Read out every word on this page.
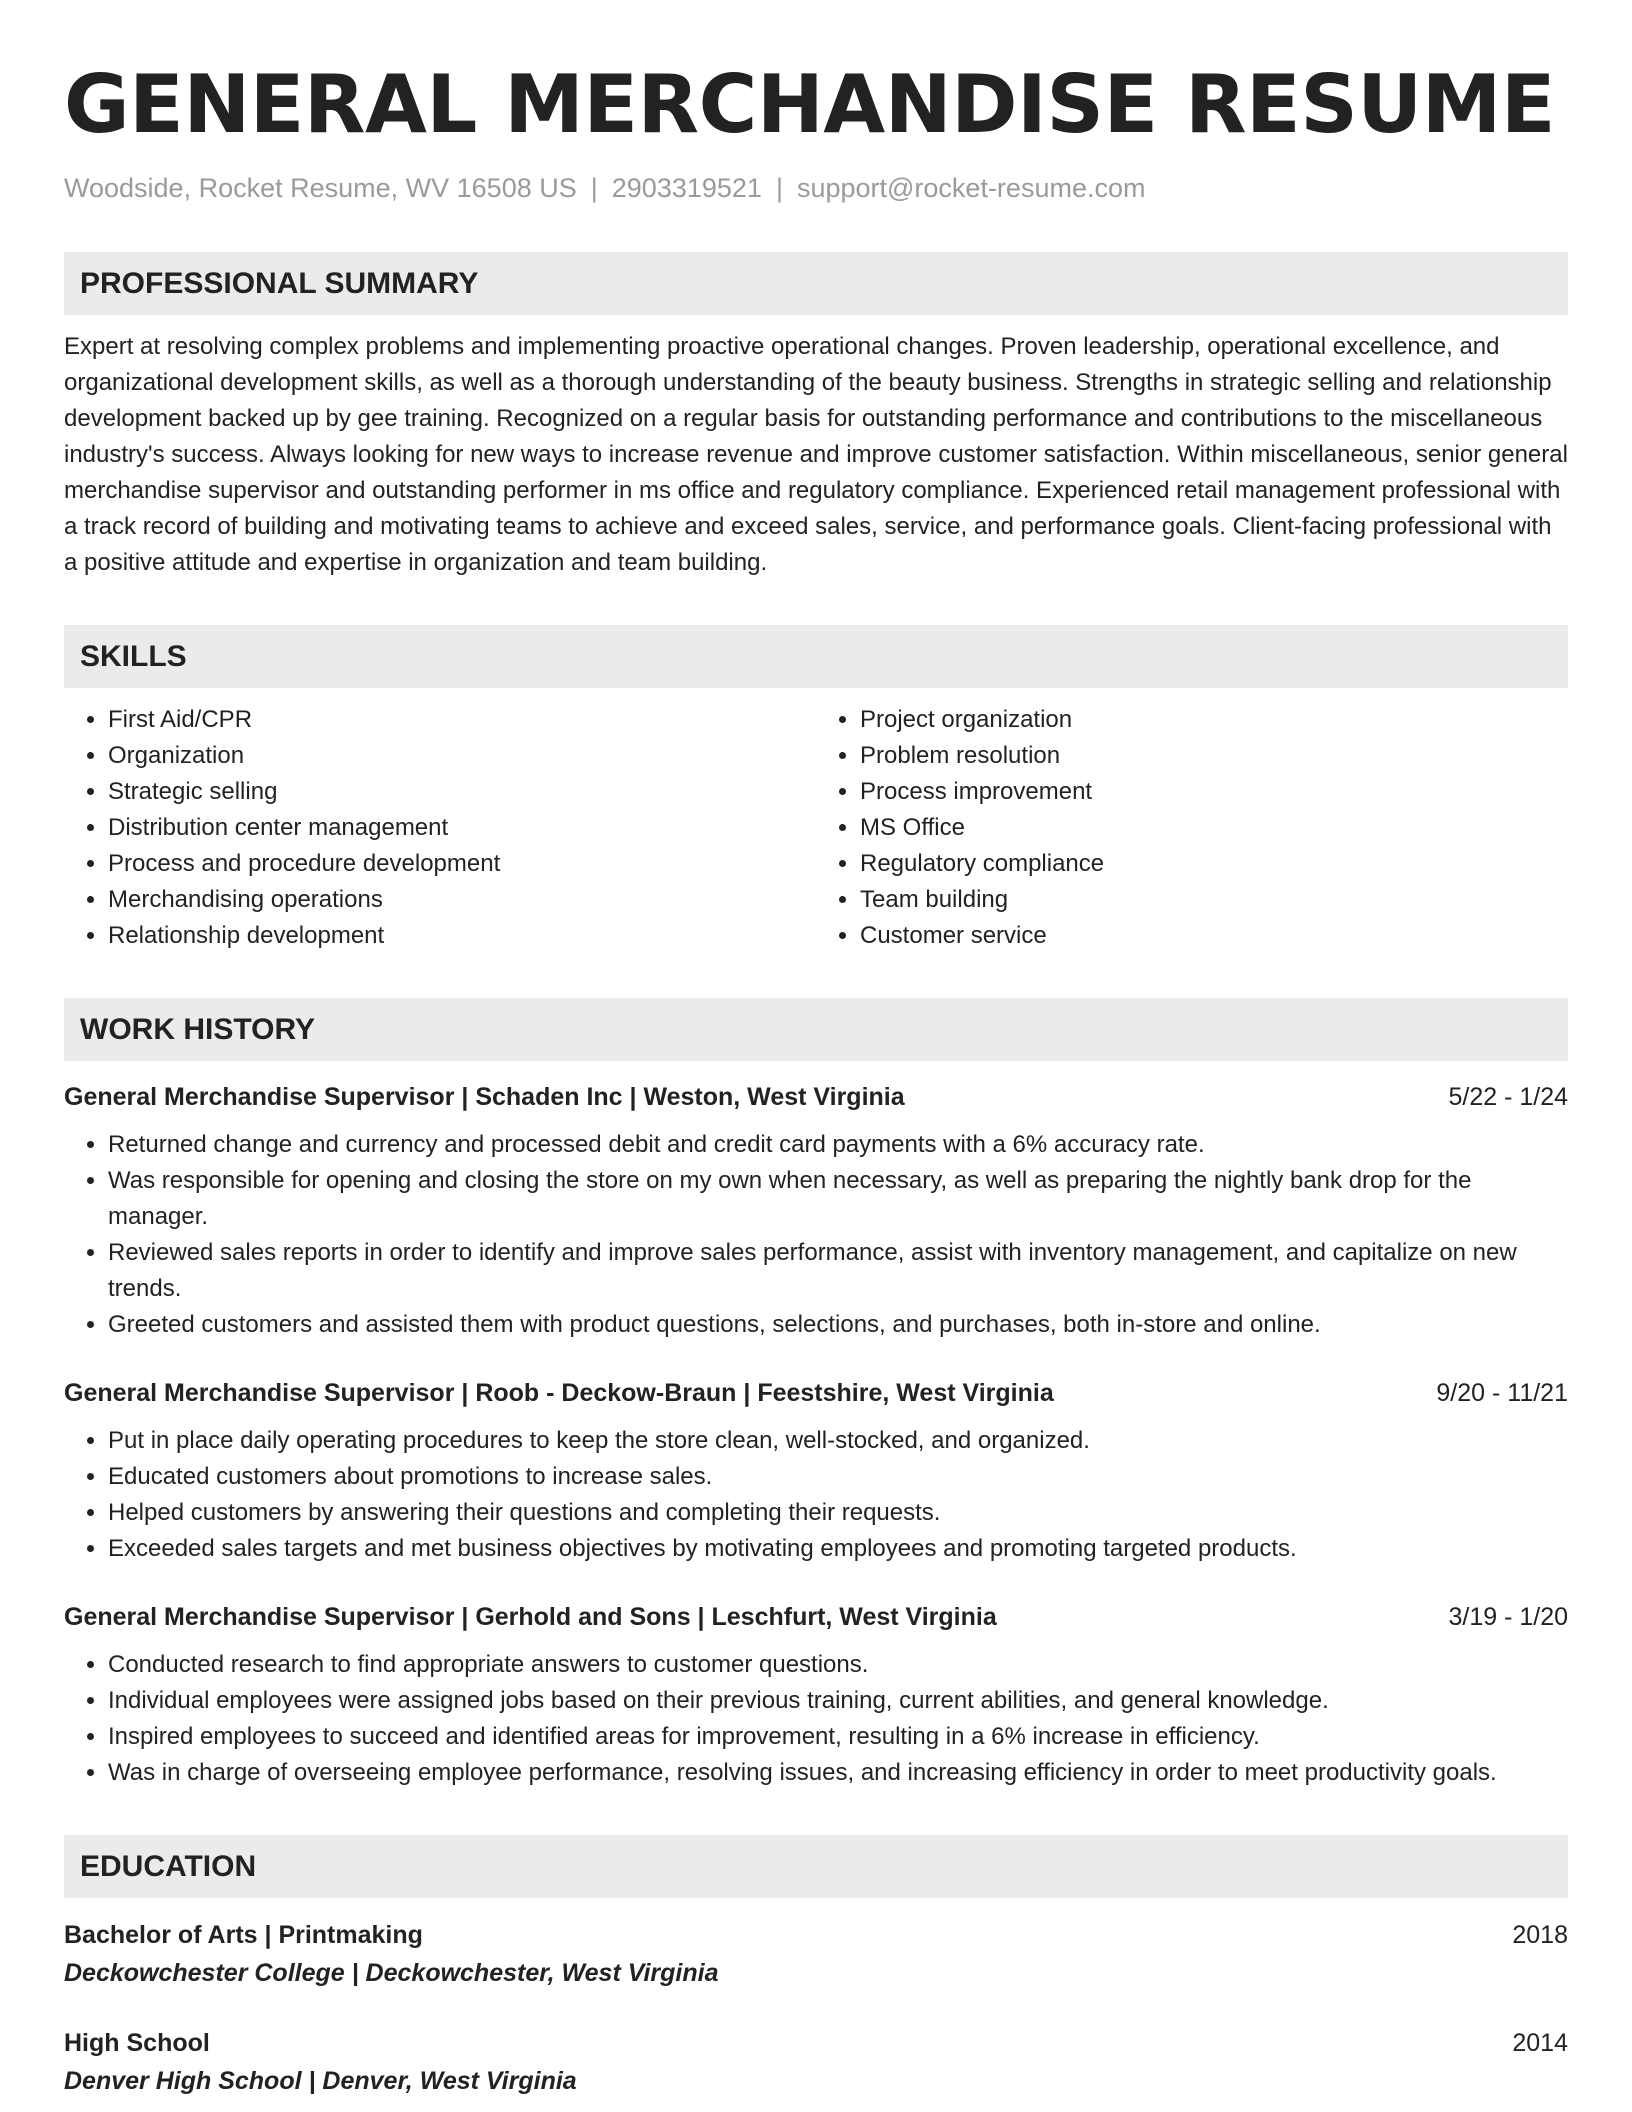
GENERAL MERCHANDISE RESUME
Woodside, Rocket Resume, WV 16508 US | 2903319521 | support@rocket-resume.com
PROFESSIONAL SUMMARY
Expert at resolving complex problems and implementing proactive operational changes. Proven leadership, operational excellence, and organizational development skills, as well as a thorough understanding of the beauty business. Strengths in strategic selling and relationship development backed up by gee training. Recognized on a regular basis for outstanding performance and contributions to the miscellaneous industry's success. Always looking for new ways to increase revenue and improve customer satisfaction. Within miscellaneous, senior general merchandise supervisor and outstanding performer in ms office and regulatory compliance. Experienced retail management professional with a track record of building and motivating teams to achieve and exceed sales, service, and performance goals. Client-facing professional with a positive attitude and expertise in organization and team building.
SKILLS
• First Aid/CPR
• Organization
• Strategic selling
• Distribution center management
• Process and procedure development
• Merchandising operations
• Relationship development
• Project organization
• Problem resolution
• Process improvement
• MS Office
• Regulatory compliance
• Team building
• Customer service
WORK HISTORY
General Merchandise Supervisor | Schaden Inc | Weston, West Virginia	5/22 - 1/24
• Returned change and currency and processed debit and credit card payments with a 6% accuracy rate.
• Was responsible for opening and closing the store on my own when necessary, as well as preparing the nightly bank drop for the manager.
• Reviewed sales reports in order to identify and improve sales performance, assist with inventory management, and capitalize on new trends.
• Greeted customers and assisted them with product questions, selections, and purchases, both in-store and online.
General Merchandise Supervisor | Roob - Deckow-Braun | Feestshire, West Virginia	9/20 - 11/21
• Put in place daily operating procedures to keep the store clean, well-stocked, and organized.
• Educated customers about promotions to increase sales.
• Helped customers by answering their questions and completing their requests.
• Exceeded sales targets and met business objectives by motivating employees and promoting targeted products.
General Merchandise Supervisor | Gerhold and Sons | Leschfurt, West Virginia	3/19 - 1/20
• Conducted research to find appropriate answers to customer questions.
• Individual employees were assigned jobs based on their previous training, current abilities, and general knowledge.
• Inspired employees to succeed and identified areas for improvement, resulting in a 6% increase in efficiency.
• Was in charge of overseeing employee performance, resolving issues, and increasing efficiency in order to meet productivity goals.
EDUCATION
Bachelor of Arts | Printmaking	2018
Deckowchester College | Deckowchester, West Virginia
High School	2014
Denver High School | Denver, West Virginia
